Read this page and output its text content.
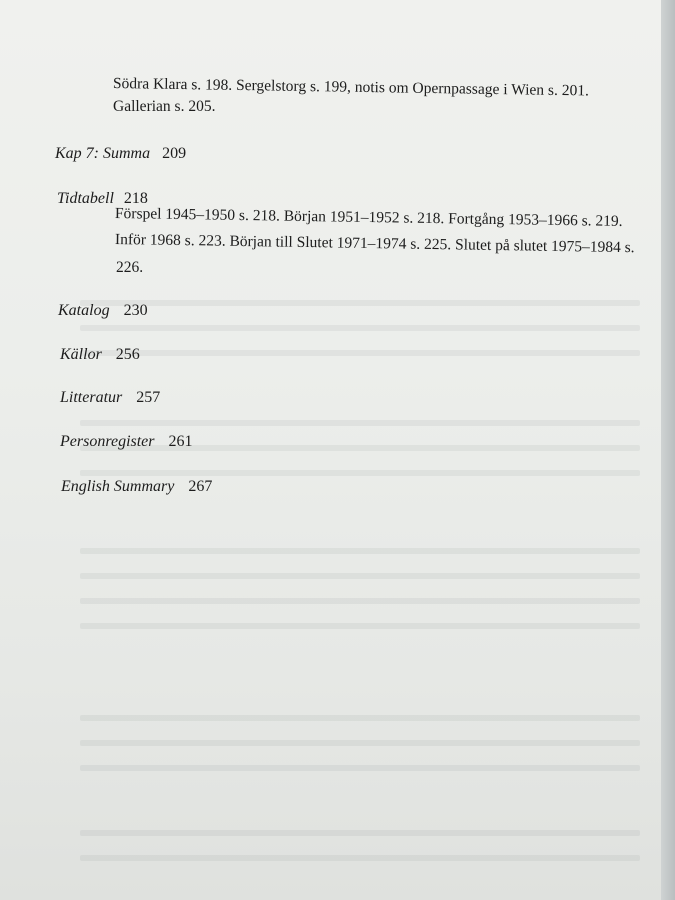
Södra Klara s. 198. Sergelstorg s. 199, notis om Opernpassage i Wien s. 201.
Gallerian s. 205.
Kap 7: Summa 209
Tidtabell 218
Förspel 1945–1950 s. 218. Början 1951–1952 s. 218. Fortgång 1953–1966 s. 219.
Inför 1968 s. 223. Början till Slutet 1971–1974 s. 225. Slutet på slutet 1975–1984 s.
226.
Katalog 230
Källor 256
Litteratur 257
Personregister 261
English Summary 267
